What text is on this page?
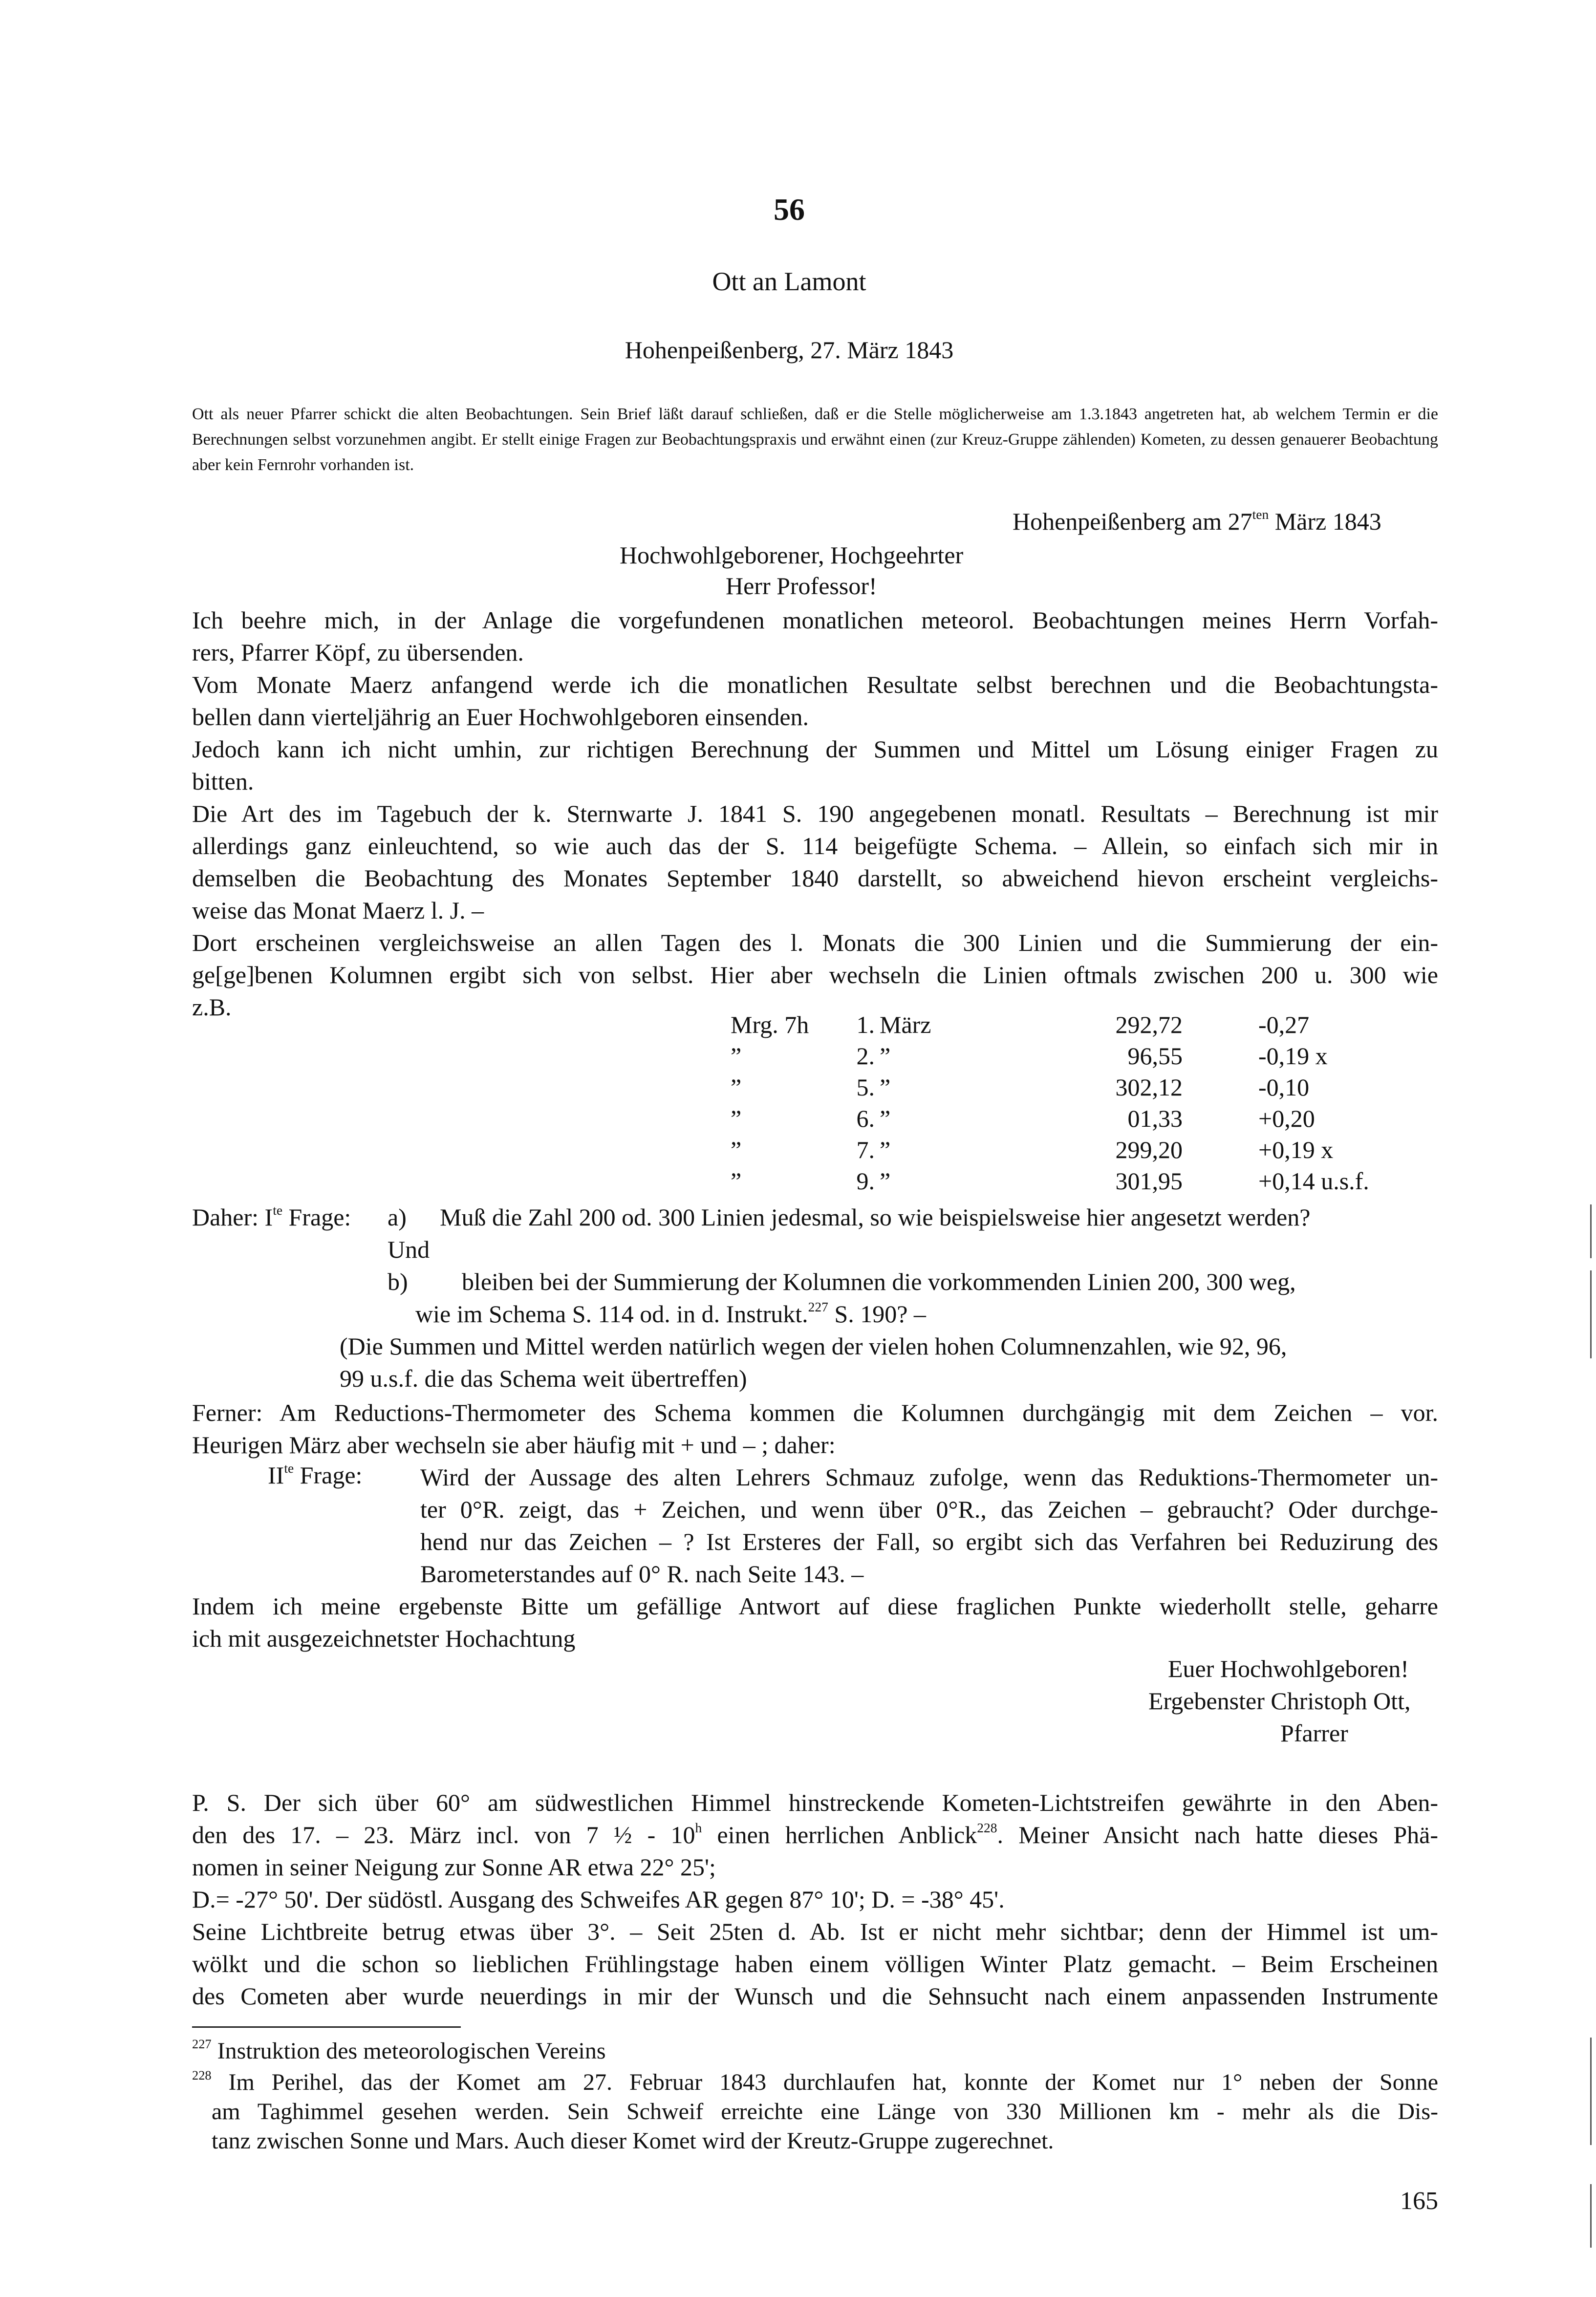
56
Ott an Lamont
Hohenpeißenberg, 27. März 1843
Ott als neuer Pfarrer schickt die alten Beobachtungen. Sein Brief läßt darauf schließen, daß er die Stelle möglicherweise am 1.3.1843 angetreten hat, ab welchem Termin er die Berechnungen selbst vorzunehmen angibt. Er stellt einige Fragen zur Beobachtungspraxis und erwähnt einen (zur Kreuz-Gruppe zählenden) Kometen, zu dessen genauerer Beobachtung aber kein Fernrohr vorhanden ist.
Hohenpeißenberg am $27^{ten}$ März 1843
Hochwohlgeborener, Hochgeehrter
Herr Professor!
Ich beehre mich, in der Anlage die vorgefundenen monatlichen meteorol. Beobachtungen meines Herrn Vorfah-
rers, Pfarrer Köpf, zu übersenden.
Vom Monate Maerz anfangend werde ich die monatlichen Resultate selbst berechnen und die Beobachtungsta-
bellen dann vierteljährig an Euer Hochwohlgeboren einsenden.
Jedoch kann ich nicht umhin, zur richtigen Berechnung der Summen und Mittel um Lösung einiger Fragen zu
bitten.
Die Art des im Tagebuch der k. Sternwarte J. 1841 S. 190 angegebenen monatl. Resultats – Berechnung ist mir
allerdings ganz einleuchtend, so wie auch das der S. 114 beigefügte Schema. – Allein, so einfach sich mir in
demselben die Beobachtung des Monates September 1840 darstellt, so abweichend hievon erscheint vergleichs-
weise das Monat Maerz l. J. –
Dort erscheinen vergleichsweise an allen Tagen des l. Monats die 300 Linien und die Summierung der ein-
ge[ge]benen Kolumnen ergibt sich von selbst. Hier aber wechseln die Linien oftmals zwischen 200 u. 300 wie
z.B.
Mrg. 7h 1. März	292,72	-0,27
”	2. ”	96,55	-0,19 x
”	5. ”	302,12	-0,10
”	6. ”	01,33	+0,20
”	7. ”	299,20	+0,19 x
”	9. ”	301,95	+0,14 u.s.f.
Daher: $I^{te}$ Frage: a) Muß die Zahl 200 od. 300 Linien jedesmal, so wie beispielsweise hier angesetzt werden?
Und
b) bleiben bei der Summierung der Kolumnen die vorkommenden Linien 200, 300 weg,
wie im Schema S. 114 od. in d. Instrukt.$^{227}$ S. 190? –
(Die Summen und Mittel werden natürlich wegen der vielen hohen Columnenzahlen, wie 92, 96,
99 u.s.f. die das Schema weit übertreffen)
Ferner: Am Reductions-Thermometer des Schema kommen die Kolumnen durchgängig mit dem Zeichen – vor.
Heurigen März aber wechseln sie aber häufig mit + und – ; daher:
$II^{te}$ Frage: Wird der Aussage des alten Lehrers Schmauz zufolge, wenn das Reduktions-Thermometer un-
ter 0°R. zeigt, das + Zeichen, und wenn über 0°R., das Zeichen – gebraucht? Oder durchge-
hend nur das Zeichen – ? Ist Ersteres der Fall, so ergibt sich das Verfahren bei Reduzirung des
Barometerstandes auf 0° R. nach Seite 143. –
Indem ich meine ergebenste Bitte um gefällige Antwort auf diese fraglichen Punkte wiederhollt stelle, geharre
ich mit ausgezeichnetster Hochachtung
Euer Hochwohlgeboren!
Ergebenster Christoph Ott,
Pfarrer
P. S. Der sich über 60° am südwestlichen Himmel hinstreckende Kometen-Lichtstreifen gewährte in den Aben-
den des 17. – 23. März incl. von 7 ½ - 10$^h$ einen herrlichen Anblick$^{228}$. Meiner Ansicht nach hatte dieses Phä-
nomen in seiner Neigung zur Sonne AR etwa 22° 25';
D.= -27° 50'. Der südöstl. Ausgang des Schweifes AR gegen 87° 10'; D. = -38° 45'.
Seine Lichtbreite betrug etwas über 3°. – Seit 25ten d. Ab. Ist er nicht mehr sichtbar; denn der Himmel ist um-
wölkt und die schon so lieblichen Frühlingstage haben einem völligen Winter Platz gemacht. – Beim Erscheinen
des Cometen aber wurde neuerdings in mir der Wunsch und die Sehnsucht nach einem anpassenden Instrumente
$^{227}$ Instruktion des meteorologischen Vereins
$^{228}$ Im Perihel, das der Komet am 27. Februar 1843 durchlaufen hat, konnte der Komet nur 1° neben der Sonne
am Taghimmel gesehen werden. Sein Schweif erreichte eine Länge von 330 Millionen km - mehr als die Dis-
tanz zwischen Sonne und Mars. Auch dieser Komet wird der Kreutz-Gruppe zugerechnet.
165
